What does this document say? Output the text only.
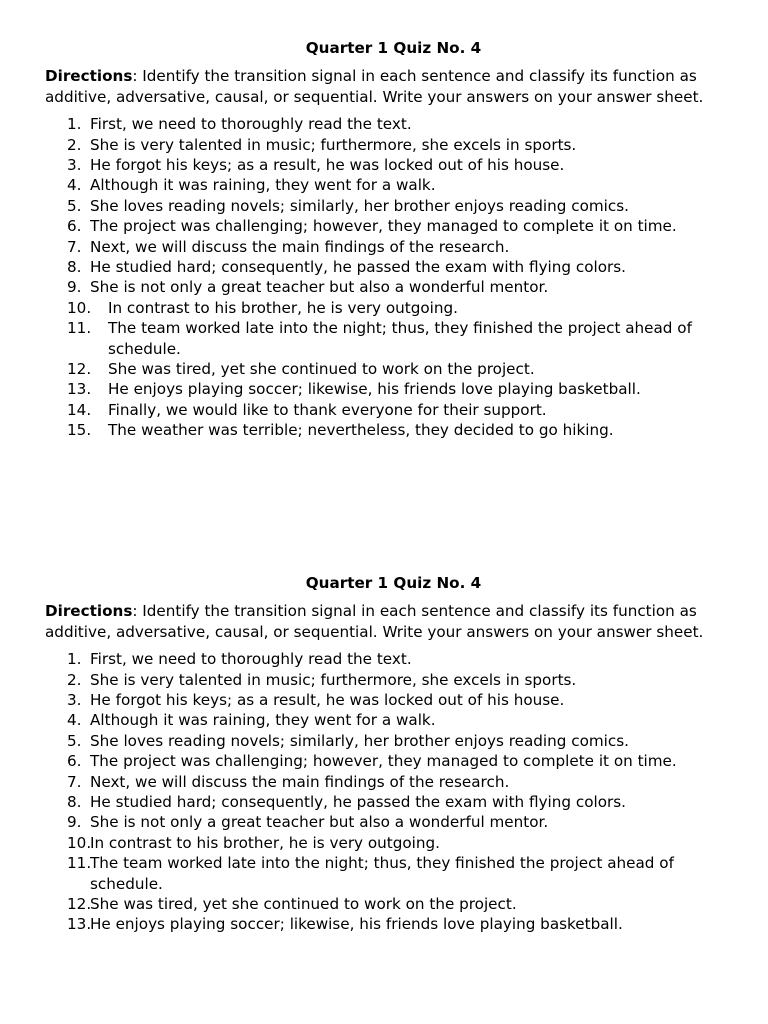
Quarter 1 Quiz No. 4

Directions: Identify the transition signal in each sentence and classify its function as additive, adversative, causal, or sequential. Write your answers on your answer sheet.

1. First, we need to thoroughly read the text.
2. She is very talented in music; furthermore, she excels in sports.
3. He forgot his keys; as a result, he was locked out of his house.
4. Although it was raining, they went for a walk.
5. She loves reading novels; similarly, her brother enjoys reading comics.
6. The project was challenging; however, they managed to complete it on time.
7. Next, we will discuss the main findings of the research.
8. He studied hard; consequently, he passed the exam with flying colors.
9. She is not only a great teacher but also a wonderful mentor.
10. In contrast to his brother, he is very outgoing.
11. The team worked late into the night; thus, they finished the project ahead of schedule.
12. She was tired, yet she continued to work on the project.
13. He enjoys playing soccer; likewise, his friends love playing basketball.
14. Finally, we would like to thank everyone for their support.
15. The weather was terrible; nevertheless, they decided to go hiking.
Quarter 1 Quiz No. 4

Directions: Identify the transition signal in each sentence and classify its function as additive, adversative, causal, or sequential. Write your answers on your answer sheet.

1. First, we need to thoroughly read the text.
2. She is very talented in music; furthermore, she excels in sports.
3. He forgot his keys; as a result, he was locked out of his house.
4. Although it was raining, they went for a walk.
5. She loves reading novels; similarly, her brother enjoys reading comics.
6. The project was challenging; however, they managed to complete it on time.
7. Next, we will discuss the main findings of the research.
8. He studied hard; consequently, he passed the exam with flying colors.
9. She is not only a great teacher but also a wonderful mentor.
10.
In contrast to his brother, he is very outgoing.
11.
The team worked late into the night; thus, they finished the project ahead of schedule.
12.
She was tired, yet she continued to work on the project.
13.
He enjoys playing soccer; likewise, his friends love playing basketball.
